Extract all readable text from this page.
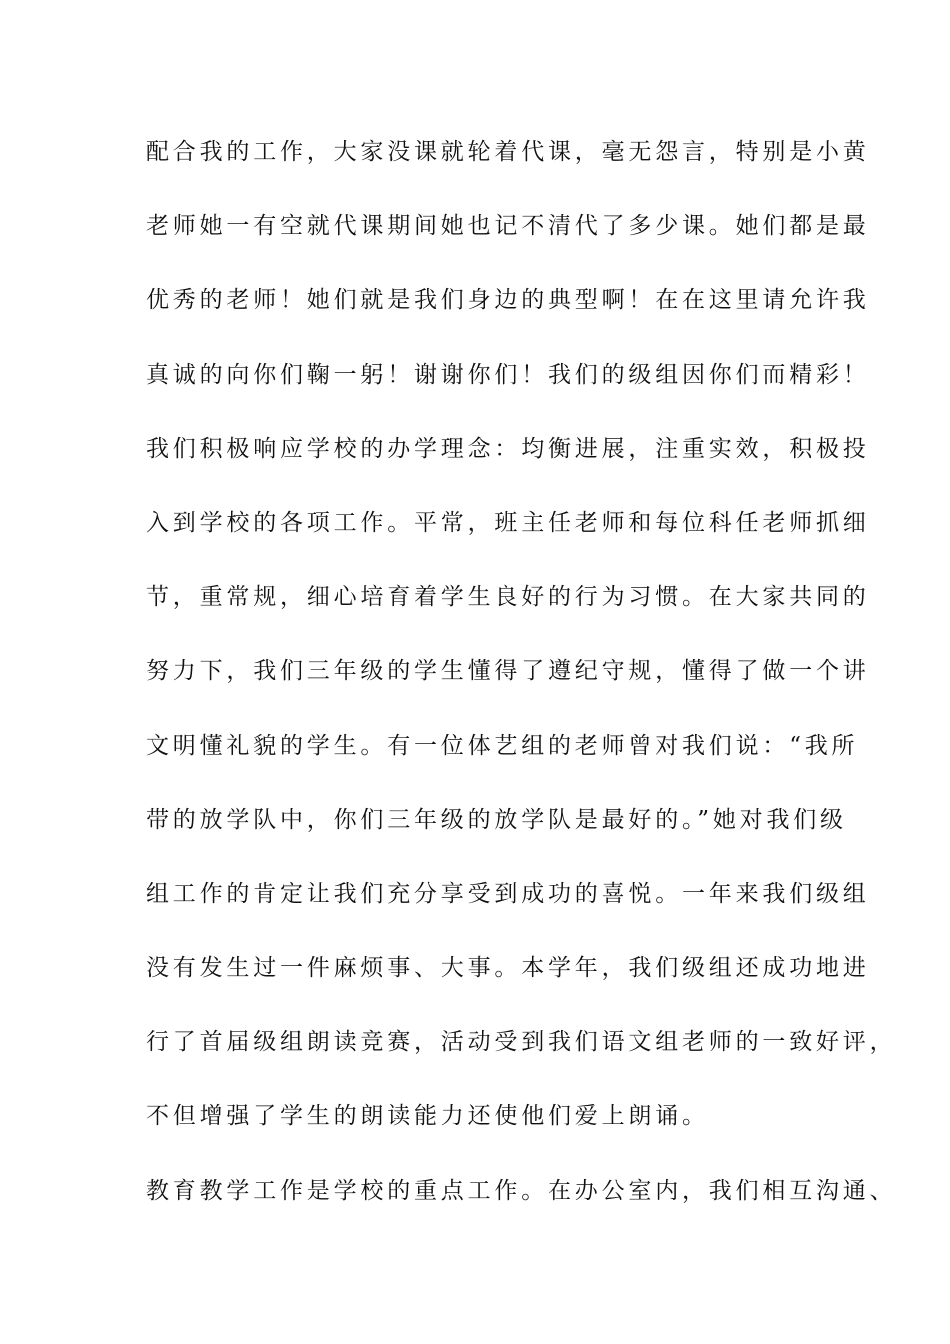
配合我的工作，大家没课就轮着代课，毫无怨言，特别是小黄
老师她一有空就代课期间她也记不清代了多少课。她们都是最
优秀的老师！她们就是我们身边的典型啊！在在这里请允许我
真诚的向你们鞠一躬！谢谢你们！我们的级组因你们而精彩！
我们积极响应学校的办学理念：均衡进展，注重实效，积极投
入到学校的各项工作。平常，班主任老师和每位科任老师抓细
节，重常规，细心培育着学生良好的行为习惯。在大家共同的
努力下，我们三年级的学生懂得了遵纪守规，懂得了做一个讲
文明懂礼貌的学生。有一位体艺组的老师曾对我们说：“我所
带的放学队中，你们三年级的放学队是最好的。”她对我们级
组工作的肯定让我们充分享受到成功的喜悦。一年来我们级组
没有发生过一件麻烦事、大事。本学年，我们级组还成功地进
行了首届级组朗读竞赛，活动受到我们语文组老师的一致好评，
不但增强了学生的朗读能力还使他们爱上朗诵。
教育教学工作是学校的重点工作。在办公室内，我们相互沟通、
